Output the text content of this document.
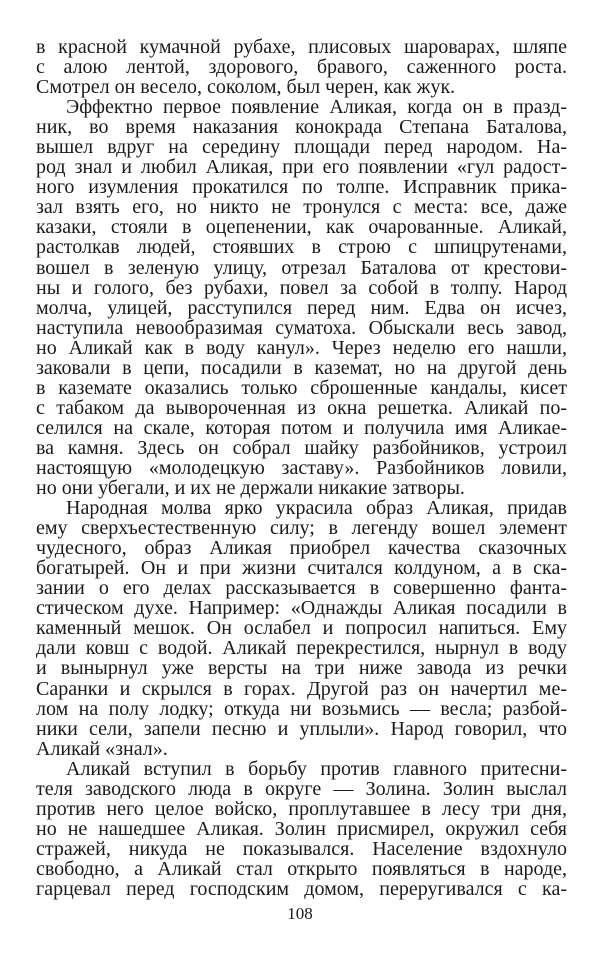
в красной кумачной рубахе, плисовых шароварах, шляпе
с алою лентой, здорового, бравого, саженного роста.
Смотрел он весело, соколом, был черен, как жук.
Эффектно первое появление Аликая, когда он в празд-
ник, во время наказания конокрада Степана Баталова,
вышел вдруг на середину площади перед народом. На-
род знал и любил Аликая, при его появлении «гул радост-
ного изумления прокатился по толпе. Исправник прика-
зал взять его, но никто не тронулся с места: все, даже
казаки, стояли в оцепенении, как очарованные. Аликай,
растолкав людей, стоявших в строю с шпицрутенами,
вошел в зеленую улицу, отрезал Баталова от крестови-
ны и голого, без рубахи, повел за собой в толпу. Народ
молча, улицей, расступился перед ним. Едва он исчез,
наступила невообразимая суматоха. Обыскали весь завод,
но Аликай как в воду канул». Через неделю его нашли,
заковали в цепи, посадили в каземат, но на другой день
в каземате оказались только сброшенные кандалы, кисет
с табаком да вывороченная из окна решетка. Аликай по-
селился на скале, которая потом и получила имя Аликае-
ва камня. Здесь он собрал шайку разбойников, устроил
настоящую «молодецкую заставу». Разбойников ловили,
но они убегали, и их не держали никакие затворы.
Народная молва ярко украсила образ Аликая, придав
ему сверхъестественную силу; в легенду вошел элемент
чудесного, образ Аликая приобрел качества сказочных
богатырей. Он и при жизни считался колдуном, а в ска-
зании о его делах рассказывается в совершенно фанта-
стическом духе. Например: «Однажды Аликая посадили в
каменный мешок. Он ослабел и попросил напиться. Ему
дали ковш с водой. Аликай перекрестился, нырнул в воду
и вынырнул уже версты на три ниже завода из речки
Саранки и скрылся в горах. Другой раз он начертил ме-
лом на полу лодку; откуда ни возьмись — весла; разбой-
ники сели, запели песню и уплыли». Народ говорил, что
Аликай «знал».
Аликай вступил в борьбу против главного притесни-
теля заводского люда в округе — Золина. Золин выслал
против него целое войско, проплутавшее в лесу три дня,
но не нашедшее Аликая. Золин присмирел, окружил себя
стражей, никуда не показывался. Население вздохнуло
свободно, а Аликай стал открыто появляться в народе,
гарцевал перед господским домом, переругивался с ка-
108
